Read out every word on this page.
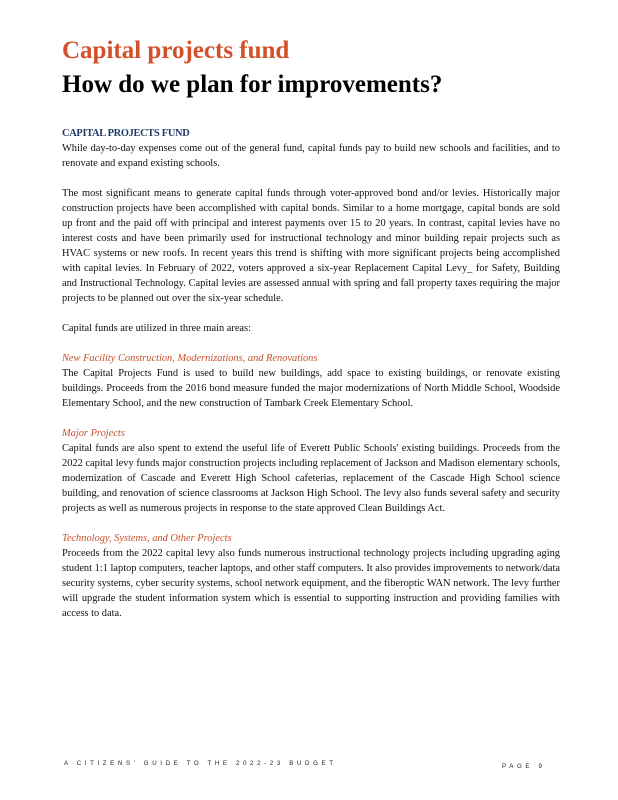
Capital projects fund
How do we plan for improvements?

CAPITAL PROJECTS FUND

While day-to-day expenses come out of the general fund, capital funds pay to build new schools and facilities, and to renovate and expand existing schools.

The most significant means to generate capital funds through voter-approved bond and/or levies. Historically major construction projects have been accomplished with capital bonds. Similar to a home mortgage, capital bonds are sold up front and the paid off with principal and interest payments over 15 to 20 years. In contrast, capital levies have no interest costs and have been primarily used for instructional technology and minor building repair projects such as HVAC systems or new roofs. In recent years this trend is shifting with more significant projects being accomplished with capital levies. In February of 2022, voters approved a six-year Replacement Capital Levy_ for Safety, Building and Instructional Technology. Capital levies are assessed annual with spring and fall property taxes requiring the major projects to be planned out over the six-year schedule.

Capital funds are utilized in three main areas:

New Facility Construction, Modernizations, and Renovations

The Capital Projects Fund is used to build new buildings, add space to existing buildings, or renovate existing buildings. Proceeds from the 2016 bond measure funded the major modernizations of North Middle School, Woodside Elementary School, and the new construction of Tambark Creek Elementary School.

Major Projects

Capital funds are also spent to extend the useful life of Everett Public Schools' existing buildings. Proceeds from the 2022 capital levy funds major construction projects including replacement of Jackson and Madison elementary schools, modernization of Cascade and Everett High School cafeterias, replacement of the Cascade High School science building, and renovation of science classrooms at Jackson High School. The levy also funds several safety and security projects as well as numerous projects in response to the state approved Clean Buildings Act.

Technology, Systems, and Other Projects

Proceeds from the 2022 capital levy also funds numerous instructional technology projects including upgrading aging student 1:1 laptop computers, teacher laptops, and other staff computers. It also provides improvements to network/data security systems, cyber security systems, school network equipment, and the fiberoptic WAN network. The levy further will upgrade the student information system which is essential to supporting instruction and providing families with access to data.

A CITIZENS' GUIDE TO THE 2022-23 BUDGET	PAGE 9
